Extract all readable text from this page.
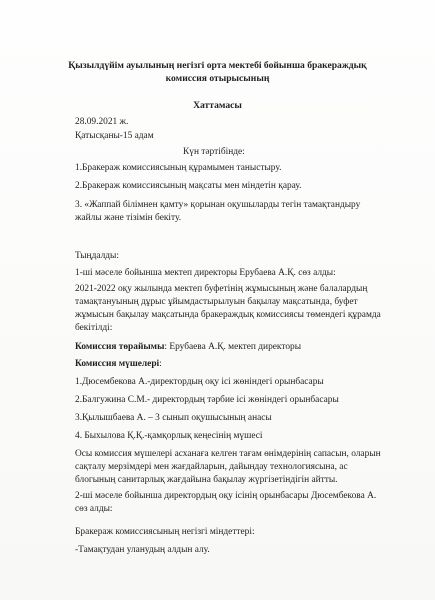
Қызылдүйім ауылының негізгі орта мектебі бойынша бракераждық
комиссия отырысының
Хаттамасы
28.09.2021 ж.
Қатысқаны-15 адам
Күн тәртібінде:
1.Бракераж комиссиясының құрамымен таныстыру.
2.Бракераж комиссиясының мақсаты мен міндетін қарау.
3. «Жаппай білімнен қамту» қорынан оқушыларды тегін тамақтандыру
жайлы және тізімін бекіту.
Тыңдалды:
1-ші мәселе бойынша мектеп директоры Ерубаева А.Қ. сөз алды:
2021-2022 оқу жылында мектеп буфетінің жұмысының және балалардың
тамақтануының дұрыс ұйымдастырылуын бақылау мақсатында, буфет
жұмысын бақылау мақсатында бракераждық комиссиясы төмендегі құрамда
бекітілді:
Комиссия төрайымы: Ерубаева А.Қ. мектеп директоры
Комиссия мүшелері:
1.Дюсембекова А.-директордың оқу ісі жөніндегі орынбасары
2.Балгужина С.М.- директордың тәрбие ісі жөніндегі орынбасары
3.Қылышбаева А. – 3 сынып оқушысының анасы
4. Быхылова Қ.Қ.-қамқорлық кеңесінің мүшесі
Осы комиссия мүшелері асханаға келген тағам өнімдерінің сапасын, оларын
сақталу мерзімдері мен жағдайларын, дайындау технологиясына, ас
блогының санитарлық жағдайына бақылау жүргізетіндігін айтты.
2-ші мәселе бойынша директордың оқу ісінің орынбасары Дюсембекова А.
сөз алды:
Бракераж комиссиясының негізгі міндеттері:
-Тамақтудан уланудың алдын алу.
